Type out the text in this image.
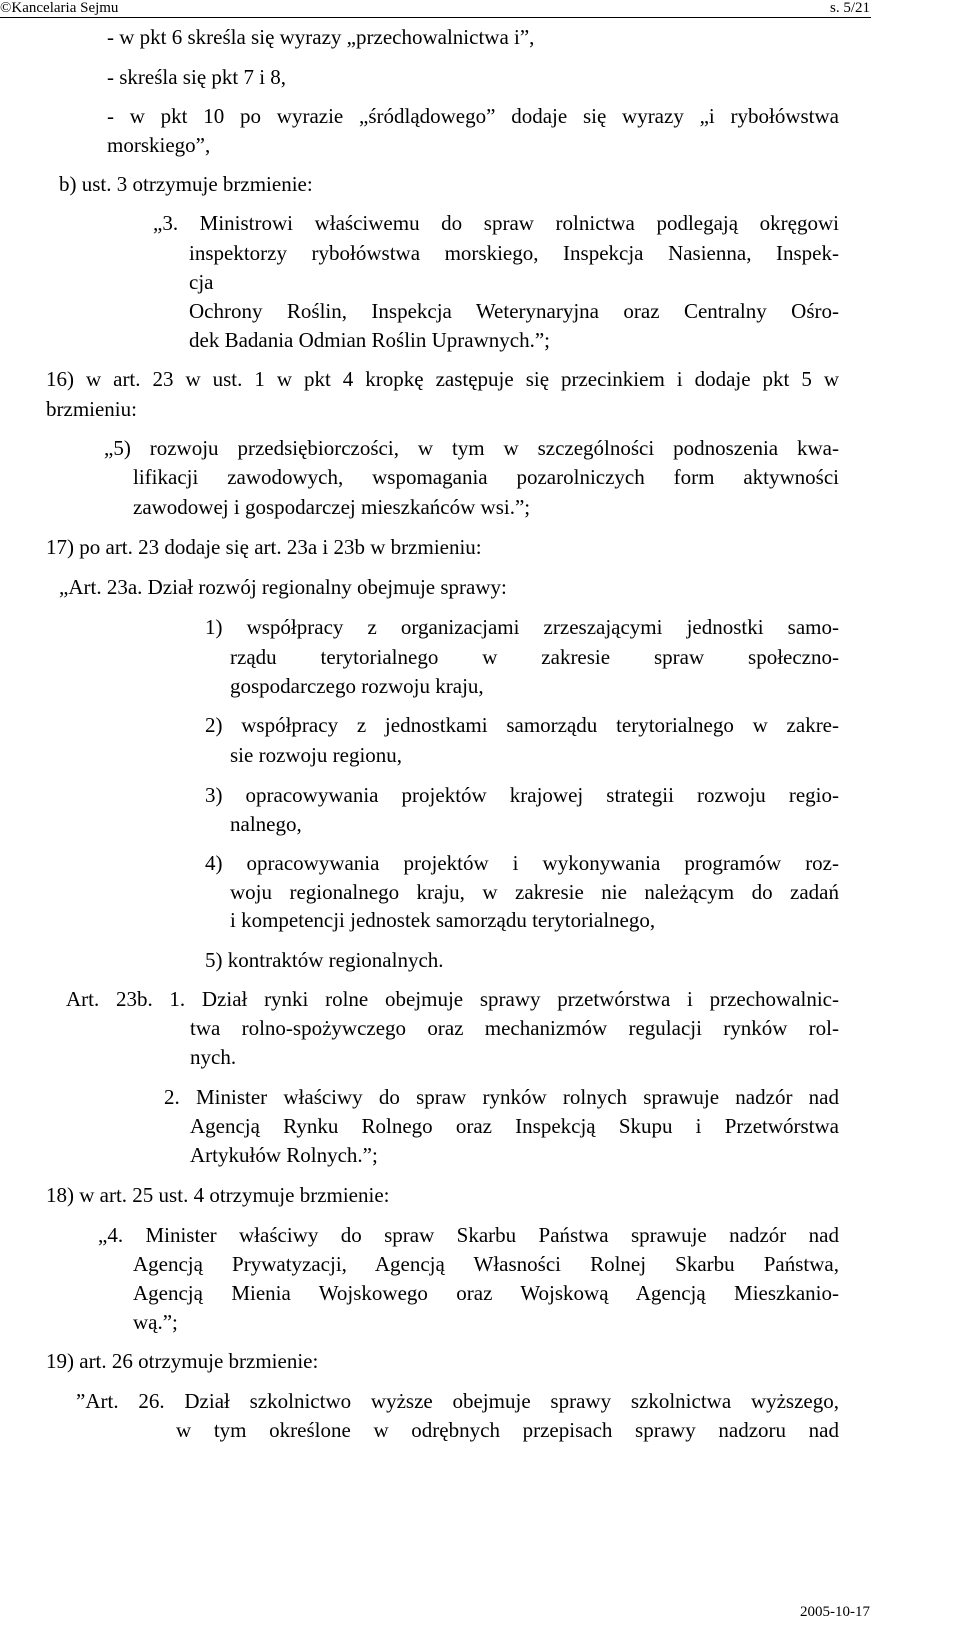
©Kancelaria Sejmu	s. 5/21
- w pkt 6 skreśla się wyrazy „przechowalnictwa i”,
- skreśla się pkt 7 i 8,
- w pkt 10 po wyrazie „śródlądowego” dodaje się wyrazy „i rybołówstwa
morskiego”,
b) ust. 3 otrzymuje brzmienie:
„3. Ministrowi właściwemu do spraw rolnictwa podlegają okręgowi
inspektorzy rybołówstwa morskiego, Inspekcja Nasienna, Inspek-
cja
Ochrony Roślin, Inspekcja Weterynaryjna oraz Centralny Ośro-
dek Badania Odmian Roślin Uprawnych.”;
16) w art. 23 w ust. 1 w pkt 4 kropkę zastępuje się przecinkiem i dodaje pkt 5 w
brzmieniu:
„5) rozwoju przedsiębiorczości, w tym w szczególności podnoszenia kwa-
lifikacji zawodowych, wspomagania pozarolniczych form aktywności
zawodowej i gospodarczej mieszkańców wsi.”;
17) po art. 23 dodaje się art. 23a i 23b w brzmieniu:
„Art. 23a. Dział rozwój regionalny obejmuje sprawy:
1) współpracy z organizacjami zrzeszającymi jednostki samo-
rządu terytorialnego w zakresie spraw społeczno-
gospodarczego rozwoju kraju,
2) współpracy z jednostkami samorządu terytorialnego w zakre-
sie rozwoju regionu,
3) opracowywania projektów krajowej strategii rozwoju regio-
nalnego,
4) opracowywania projektów i wykonywania programów roz-
woju regionalnego kraju, w zakresie nie należącym do zadań
i kompetencji jednostek samorządu terytorialnego,
5) kontraktów regionalnych.
Art. 23b. 1. Dział rynki rolne obejmuje sprawy przetwórstwa i przechowalnic-
twa rolno-spożywczego oraz mechanizmów regulacji rynków rol-
nych.
2. Minister właściwy do spraw rynków rolnych sprawuje nadzór nad
Agencją Rynku Rolnego oraz Inspekcją Skupu i Przetwórstwa
Artykułów Rolnych.”;
18) w art. 25 ust. 4 otrzymuje brzmienie:
„4. Minister właściwy do spraw Skarbu Państwa sprawuje nadzór nad
Agencją Prywatyzacji, Agencją Własności Rolnej Skarbu Państwa,
Agencją Mienia Wojskowego oraz Wojskową Agencją Mieszkanio-
wą.”;
19) art. 26 otrzymuje brzmienie:
”Art. 26. Dział szkolnictwo wyższe obejmuje sprawy szkolnictwa wyższego,
w tym określone w odrębnych przepisach sprawy nadzoru nad
2005-10-17
